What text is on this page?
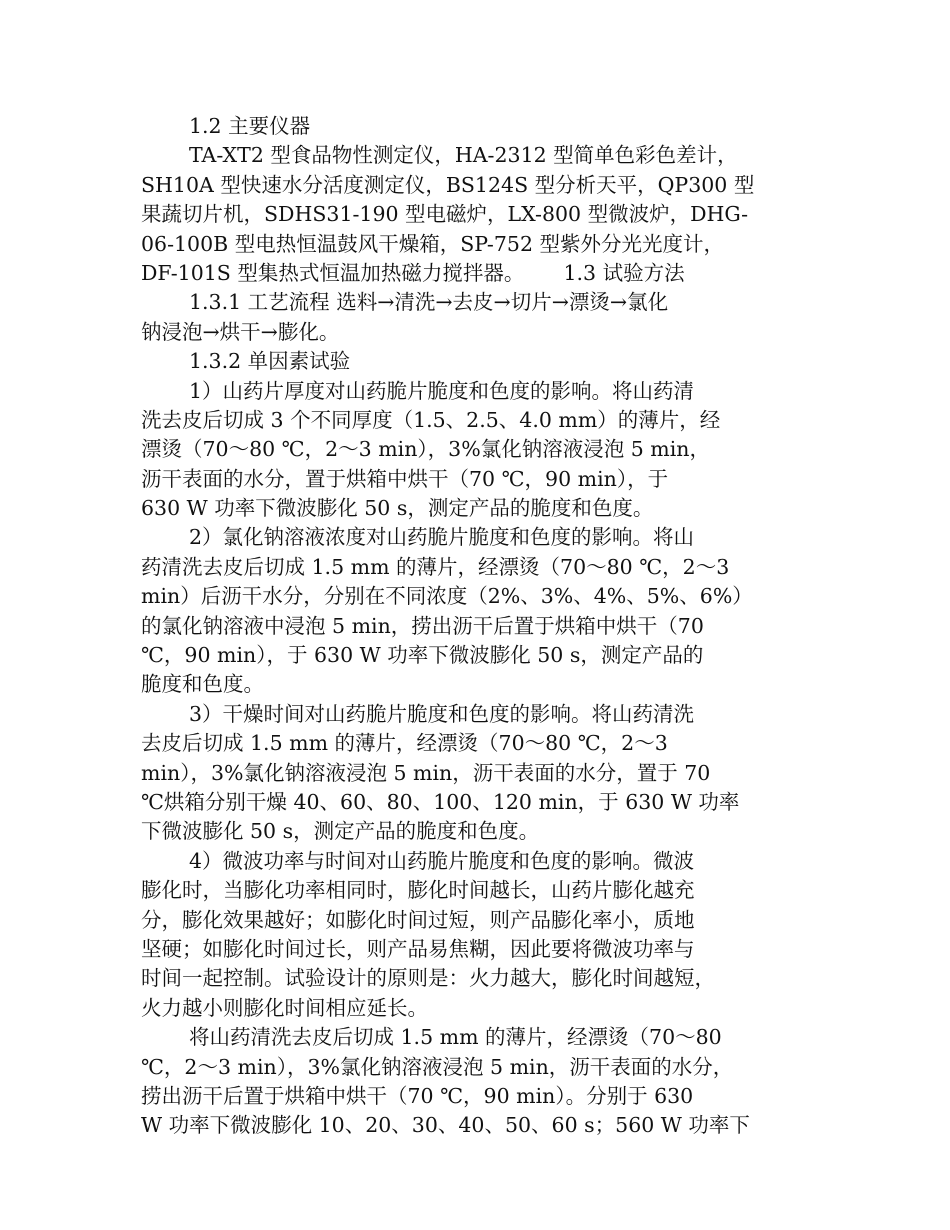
1.2 主要仪器
TA-XT2 型食品物性测定仪，HA-2312 型简单色彩色差计，
SH10A 型快速水分活度测定仪，BS124S 型分析天平，QP300 型
果蔬切片机，SDHS31-190 型电磁炉，LX-800 型微波炉，DHG-
06-100B 型电热恒温鼓风干燥箱，SP-752 型紫外分光光度计，
DF-101S 型集热式恒温加热磁力搅拌器。      1.3 试验方法
1.3.1 工艺流程 选料→清洗→去皮→切片→漂烫→氯化
钠浸泡→烘干→膨化。
1.3.2 单因素试验
1）山药片厚度对山药脆片脆度和色度的影响。将山药清
洗去皮后切成 3 个不同厚度（1.5、2.5、4.0 mm）的薄片，经
漂烫（70～80 ℃，2～3 min），3%氯化钠溶液浸泡 5 min，
沥干表面的水分，置于烘箱中烘干（70 ℃，90 min），于
630 W 功率下微波膨化 50 s，测定产品的脆度和色度。
2）氯化钠溶液浓度对山药脆片脆度和色度的影响。将山
药清洗去皮后切成 1.5 mm 的薄片，经漂烫（70～80 ℃，2～3
min）后沥干水分，分别在不同浓度（2%、3%、4%、5%、6%）
的氯化钠溶液中浸泡 5 min，捞出沥干后置于烘箱中烘干（70
℃，90 min），于 630 W 功率下微波膨化 50 s，测定产品的
脆度和色度。
3）干燥时间对山药脆片脆度和色度的影响。将山药清洗
去皮后切成 1.5 mm 的薄片，经漂烫（70～80 ℃，2～3
min），3%氯化钠溶液浸泡 5 min，沥干表面的水分，置于 70
℃烘箱分别干燥 40、60、80、100、120 min，于 630 W 功率
下微波膨化 50 s，测定产品的脆度和色度。
4）微波功率与时间对山药脆片脆度和色度的影响。微波
膨化时，当膨化功率相同时，膨化时间越长，山药片膨化越充
分，膨化效果越好；如膨化时间过短，则产品膨化率小，质地
坚硬；如膨化时间过长，则产品易焦糊，因此要将微波功率与
时间一起控制。试验设计的原则是：火力越大，膨化时间越短，
火力越小则膨化时间相应延长。
将山药清洗去皮后切成 1.5 mm 的薄片，经漂烫（70～80
℃，2～3 min），3%氯化钠溶液浸泡 5 min，沥干表面的水分，
捞出沥干后置于烘箱中烘干（70 ℃，90 min）。分别于 630
W 功率下微波膨化 10、20、30、40、50、60 s；560 W 功率下
